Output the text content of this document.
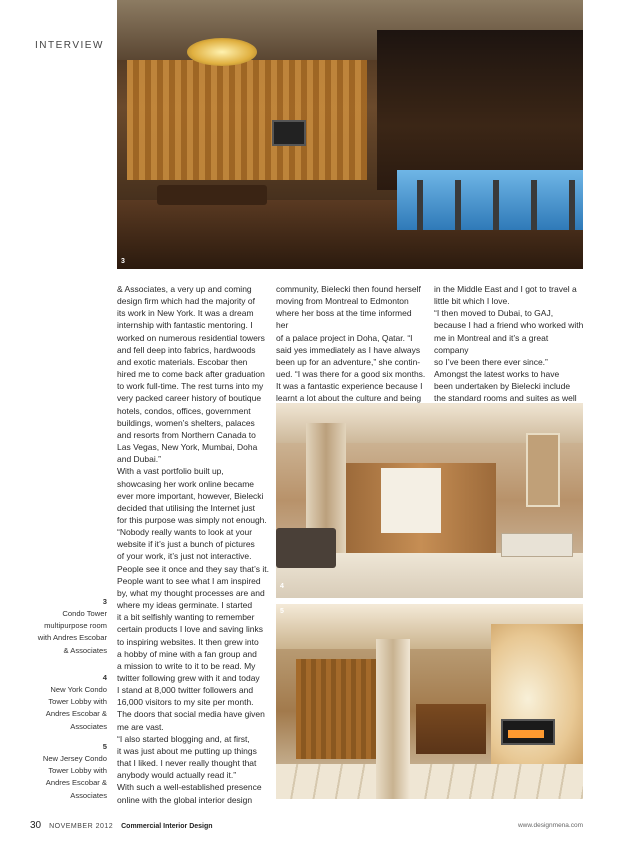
INTERVIEW
3
4
5
& Associates, a very up and coming
design firm which had the majority of
its work in New York. It was a dream
internship with fantastic mentoring. I
worked on numerous residential towers
and fell deep into fabrics, hardwoods
and exotic materials. Escobar then
hired me to come back after graduation
to work full-time. The rest turns into my
very packed career history of boutique
hotels, condos, offices, government
buildings, women’s shelters, palaces
and resorts from Northern Canada to
Las Vegas, New York, Mumbai, Doha
and Dubai.”
With a vast portfolio built up,
showcasing her work online became
ever more important, however, Bielecki
decided that utilising the Internet just
for this purpose was simply not enough.
“Nobody really wants to look at your
website if it’s just a bunch of pictures
of your work, it’s just not interactive.
People see it once and they say that’s it.
People want to see what I am inspired
by, what my thought processes are and
where my ideas germinate. I started
it a bit selfishly wanting to remember
certain products I love and saving links
to inspiring websites. It then grew into
a hobby of mine with a fan group and
a mission to write to it to be read. My
twitter following grew with it and today
I stand at 8,000 twitter followers and
16,000 visitors to my site per month.
The doors that social media have given
me are vast.
“I also started blogging and, at first,
it was just about me putting up things
that I liked. I never really thought that
anybody would actually read it.”
With such a well-established presence
online with the global interior design
community, Bielecki then found herself
moving from Montreal to Edmonton
where her boss at the time informed her
of a palace project in Doha, Qatar. “I
said yes immediately as I have always
been up for an adventure,” she contin-
ued. “I was there for a good six months.
It was a fantastic experience because I
learnt a lot about the culture and being
in the Middle East and I got to travel a
little bit which I love.
“I then moved to Dubai, to GAJ,
because I had a friend who worked with
me in Montreal and it’s a great company
so I’ve been there ever since.”
Amongst the latest works to have
been undertaken by Bielecki include
the standard rooms and suites as well
3
Condo Tower
multipurpose room
with Andres Escobar
& Associates
4
New York Condo
Tower Lobby with
Andres Escobar &
Associates
5
New Jersey Condo
Tower Lobby with
Andres Escobar &
Associates
30 NOVEMBER 2012 Commercial Interior Design	www.designmena.com
